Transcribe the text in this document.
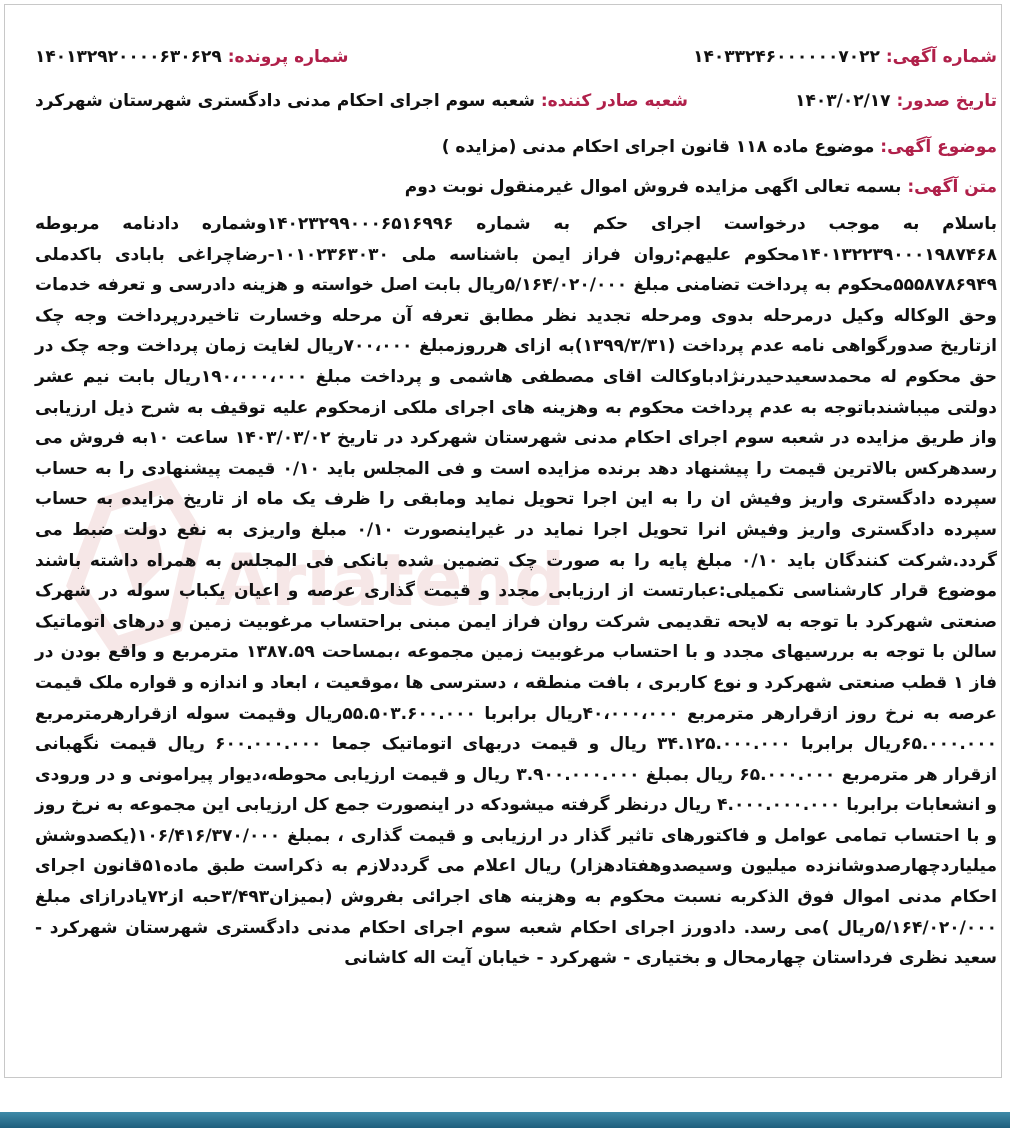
Ariatend
شماره آگهی: ۱۴۰۳۳۲۴۶۰۰۰۰۰۰۷۰۲۲
شماره پرونده: ۱۴۰۱۳۲۹۲۰۰۰۰۶۳۰۶۲۹
تاریخ صدور: ۱۴۰۳/۰۲/۱۷
شعبه صادر کننده: شعبه سوم اجرای احکام مدنی دادگستری شهرستان شهرکرد
موضوع آگهی: موضوع ماده ۱۱۸ قانون اجرای احکام مدنی (مزایده )
متن آگهی: بسمه تعالی اگهی مزایده فروش اموال غیرمنقول نوبت دوم
باسلام به موجب درخواست اجرای حکم به شماره ۱۴۰۲۳۲۹۹۰۰۰۶۵۱۶۹۹۶وشماره دادنامه مربوطه ۱۴۰۱۳۲۲۳۹۰۰۰۱۹۸۷۴۶۸محکوم علیهم:روان فراز ایمن باشناسه ملی ۱۰۱۰۲۳۶۳۰۳۰-رضاچراغی بابادی باکدملی ۵۵۵۸۷۸۶۹۴۹محکوم به پرداخت تضامنی مبلغ ۵/۱۶۴/۰۲۰/۰۰۰ریال بابت اصل خواسته و هزینه دادرسی و تعرفه خدمات وحق الوکاله وکیل درمرحله بدوی ومرحله تجدید نظر مطابق تعرفه آن مرحله وخسارت تاخیردرپرداخت وجه چک ازتاریخ صدورگواهی نامه عدم پرداخت (۱۳۹۹/۳/۳۱)به ازای هرروزمبلغ ۷۰۰،۰۰۰ریال لغایت زمان پرداخت وجه چک در حق محکوم له محمدسعیدحیدرنژادباوکالت اقای مصطفی هاشمی و پرداخت مبلغ ۱۹۰،۰۰۰،۰۰۰ریال بابت نیم عشر دولتی میباشندباتوجه به عدم پرداخت محکوم به وهزینه های اجرای ملکی ازمحکوم علیه توقیف به شرح ذیل ارزیابی واز طریق مزایده در شعبه سوم اجرای احکام مدنی شهرستان شهرکرد در تاریخ ۱۴۰۳/۰۳/۰۲ ساعت ۱۰به فروش می رسدهرکس بالاترین قیمت را پیشنهاد دهد برنده مزایده است و فی المجلس باید ۰/۱۰ قیمت پیشنهادی را به حساب سپرده دادگستری واریز وفیش ان را به این اجرا تحویل نماید ومابقی را ظرف یک ماه از تاریخ مزایده به حساب سپرده دادگستری واریز وفیش انرا تحویل اجرا نماید در غیراینصورت ۰/۱۰ مبلغ واریزی به نفع دولت ضبط می گردد.شرکت کنندگان باید ۰/۱۰ مبلغ پایه را به صورت چک تضمین شده بانکی فی المجلس به همراه داشته باشند موضوع قرار کارشناسی تکمیلی:عبارتست از ارزیابی مجدد و قیمت گذاری عرصه و اعیان یکباب سوله در شهرک صنعتی شهرکرد با توجه به لایحه تقدیمی شرکت روان فراز ایمن مبنی براحتساب مرغوبیت زمین و درهای اتوماتیک سالن با توجه به بررسیهای مجدد و با احتساب مرغوبیت زمین مجموعه ،بمساحت ۱۳۸۷.۵۹ مترمربع و واقع بودن در فاز ۱ قطب صنعتی شهرکرد و نوع کاربری ، بافت منطقه ، دسترسی ها ،موقعیت ، ابعاد و اندازه و قواره ملک قیمت عرصه به نرخ روز ازقرارهر مترمربع ۴۰،۰۰۰،۰۰۰ریال برابربا ۵۵.۵۰۳.۶۰۰.۰۰۰ریال وقیمت سوله ازقرارهرمترمربع ۶۵.۰۰۰.۰۰۰ریال برابربا ۳۴.۱۲۵.۰۰۰.۰۰۰ ریال و قیمت دربهای اتوماتیک جمعا ۶۰۰.۰۰۰.۰۰۰ ریال قیمت نگهبانی ازقرار هر مترمربع ۶۵.۰۰۰.۰۰۰ ریال بمبلغ ۳.۹۰۰.۰۰۰.۰۰۰ ریال و قیمت ارزیابی محوطه،دیوار پیرامونی و در ورودی و انشعابات برابربا ۴.۰۰۰.۰۰۰.۰۰۰ ریال درنظر گرفته میشودکه در اینصورت جمع کل ارزیابی این مجموعه به نرخ روز و با احتساب تمامی عوامل و فاکتورهای تاثیر گذار در ارزیابی و قیمت گذاری ، بمبلغ ۱۰۶/۴۱۶/۳۷۰/۰۰۰(یکصدوشش میلیاردچهارصدوشانزده میلیون وسیصدوهفتادهزار) ریال اعلام می گرددلازم به ذکراست طبق ماده۵۱قانون اجرای احکام مدنی اموال فوق الذکربه نسبت محکوم به وهزینه های اجرائی بفروش (بمیزان۳/۴۹۳حبه از۷۲یادرازای مبلغ ۵/۱۶۴/۰۲۰/۰۰۰ریال )می رسد. دادورز اجرای احکام شعبه سوم اجرای احکام مدنی دادگستری شهرستان شهرکرد - سعید نظری فرداستان چهارمحال و بختیاری - شهرکرد - خیابان آیت اله کاشانی
